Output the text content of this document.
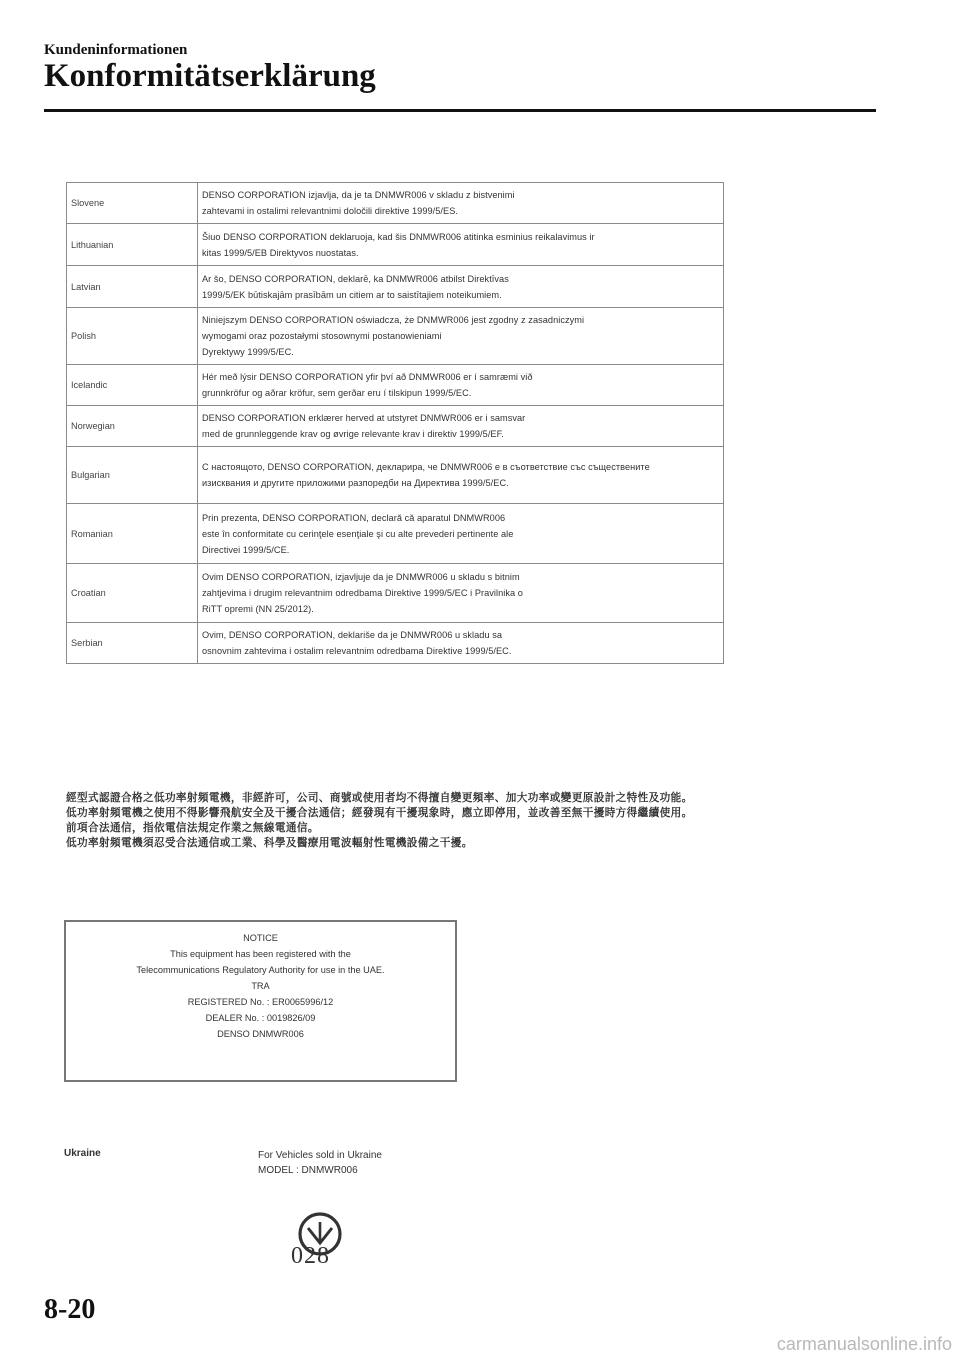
Kundeninformationen
Konformitätserklärung
Slovene	DENSO CORPORATION izjavlja, da je ta DNMWR006 v skladu z bistvenimi
zahtevami in ostalimi relevantnimi določili direktive 1999/5/ES.

Lithuanian	Šiuo DENSO CORPORATION deklaruoja, kad šis DNMWR006 atitinka esminius reikalavimus ir
kitas 1999/5/EB Direktyvos nuostatas.

Latvian	Ar šo, DENSO CORPORATION, deklarē, ka DNMWR006 atbilst Direktīvas
1999/5/EK būtiskajām prasībām un citiem ar to saistītajiem noteikumiem.

Polish	Niniejszym DENSO CORPORATION oświadcza, że DNMWR006 jest zgodny z zasadniczymi
wymogami oraz pozostałymi stosownymi postanowieniami
Dyrektywy 1999/5/EC.

Icelandic	Hér með lýsir DENSO CORPORATION yfir því að DNMWR006 er í samræmi við
grunnkröfur og aðrar kröfur, sem gerðar eru í tilskipun 1999/5/EC.

Norwegian	DENSO CORPORATION erklærer herved at utstyret DNMWR006 er i samsvar
med de grunnleggende krav og øvrige relevante krav i direktiv 1999/5/EF.

Bulgarian	С настоящото, DENSO CORPORATION, декларира, че DNMWR006 е в съответствие със съществените
изисквания и другите приложими разпоредби на Директива 1999/5/ЕС.

Romanian	Prin prezenta, DENSO CORPORATION, declară că aparatul DNMWR006
este în conformitate cu cerinţele esenţiale şi cu alte prevederi pertinente ale
Directivei 1999/5/CE.

Croatian	Ovim DENSO CORPORATION, izjavljuje da je DNMWR006 u skladu s bitnim
zahtjevima i drugim relevantnim odredbama Direktive 1999/5/EC i Pravilnika o
RiTT opremi (NN 25/2012).

Serbian	Ovim, DENSO CORPORATION, deklariše da je DNMWR006 u skladu sa
osnovnim zahtevima i ostalim relevantnim odredbama Direktive 1999/5/EC.
經型式認證合格之低功率射頻電機，非經許可，公司、商號或使用者均不得擅自變更頻率、加大功率或變更原設計之特性及功能。
低功率射頻電機之使用不得影響飛航安全及干擾合法通信；經發現有干擾現象時，應立即停用，並改善至無干擾時方得繼續使用。
前項合法通信，指依電信法規定作業之無線電通信。
低功率射頻電機須忍受合法通信或工業、科學及醫療用電波輻射性電機設備之干擾。
NOTICE
This equipment has been registered with the
Telecommunications Regulatory Authority for use in the UAE.
TRA
REGISTERED No. : ER0065996/12
DEALER No. : 0019826/09
DENSO DNMWR006
Ukraine	For Vehicles sold in Ukraine
MODEL : DNMWR006
028
8-20
carmanualsonline.info
